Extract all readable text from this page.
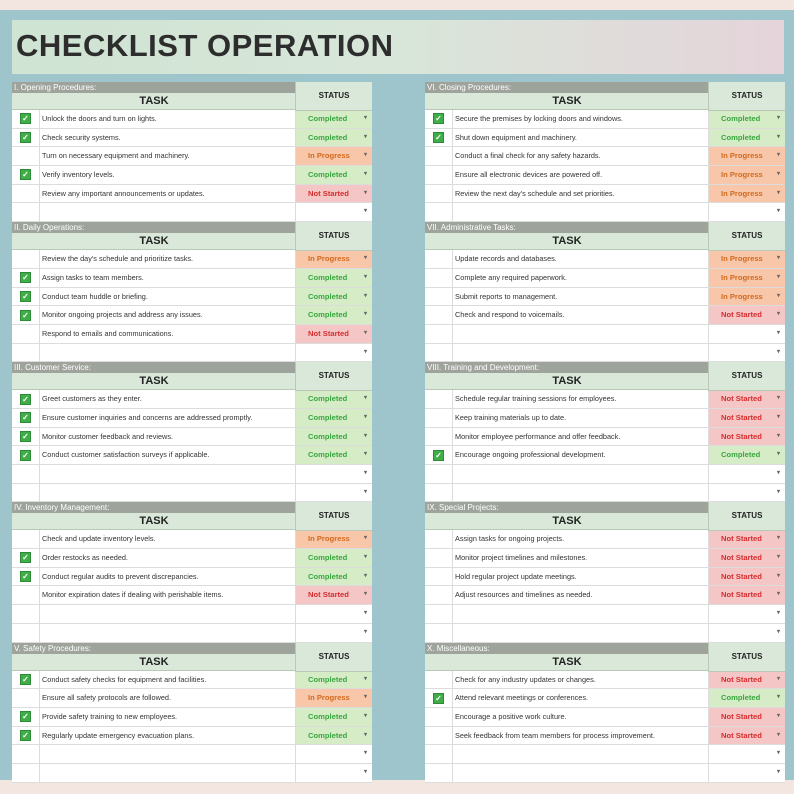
CHECKLIST OPERATION
I. Opening Procedures:
TASK	STATUS
✓ Unlock the doors and turn on lights.	Completed	▾
✓ Check security systems.	Completed	▾
Turn on necessary equipment and machinery.	In Progress ▾
✓ Verify inventory levels.	Completed	▾
Review any important announcements or updates.	Not Started	▾
▾
II. Daily Operations:
TASK	STATUS
Review the day's schedule and prioritize tasks.	In Progress ▾
✓ Assign tasks to team members.	Completed	▾
✓ Conduct team huddle or briefing.	Completed	▾
✓ Monitor ongoing projects and address any issues.	Completed	▾
Respond to emails and communications.	Not Started	▾
▾
III. Customer Service:
TASK	STATUS
✓ Greet customers as they enter.	Completed	▾
✓ Ensure customer inquiries and concerns are addressed promptly.	Completed	▾
✓ Monitor customer feedback and reviews.	Completed	▾
✓ Conduct customer satisfaction surveys if applicable.	Completed	▾
▾
▾
IV. Inventory Management:
TASK	STATUS
Check and update inventory levels.	In Progress ▾
✓ Order restocks as needed.	Completed	▾
✓ Conduct regular audits to prevent discrepancies.	Completed	▾
Monitor expiration dates if dealing with perishable items.	Not Started	▾
▾
▾
V. Safety Procedures:
TASK	STATUS
✓ Conduct safety checks for equipment and facilities.	Completed	▾
Ensure all safety protocols are followed.	In Progress ▾
✓ Provide safety training to new employees.	Completed	▾
✓ Regularly update emergency evacuation plans.	Completed	▾
▾
▾
VI. Closing Procedures:
TASK	STATUS
✓ Secure the premises by locking doors and windows.	Completed	▾
✓ Shut down equipment and machinery.	Completed	▾
Conduct a final check for any safety hazards.	In Progress ▾
Ensure all electronic devices are powered off.	In Progress ▾
Review the next day's schedule and set priorities.	In Progress ▾
▾
VII. Administrative Tasks:
TASK	STATUS
Update records and databases.	In Progress ▾
Complete any required paperwork.	In Progress ▾
Submit reports to management.	In Progress ▾
Check and respond to voicemails.	Not Started	▾
▾
▾
VIII. Training and Development:
TASK	STATUS
Schedule regular training sessions for employees.	Not Started	▾
Keep training materials up to date.	Not Started	▾
Monitor employee performance and offer feedback.	Not Started	▾
✓ Encourage ongoing professional development.	Completed	▾
▾
▾
IX. Special Projects:
TASK	STATUS
Assign tasks for ongoing projects.	Not Started	▾
Monitor project timelines and milestones.	Not Started	▾
Hold regular project update meetings.	Not Started	▾
Adjust resources and timelines as needed.	Not Started	▾
▾
▾
X. Miscellaneous:
TASK	STATUS
Check for any industry updates or changes.	Not Started	▾
✓ Attend relevant meetings or conferences.	Completed	▾
Encourage a positive work culture.	Not Started	▾
Seek feedback from team members for process improvement.	Not Started	▾
▾
▾
